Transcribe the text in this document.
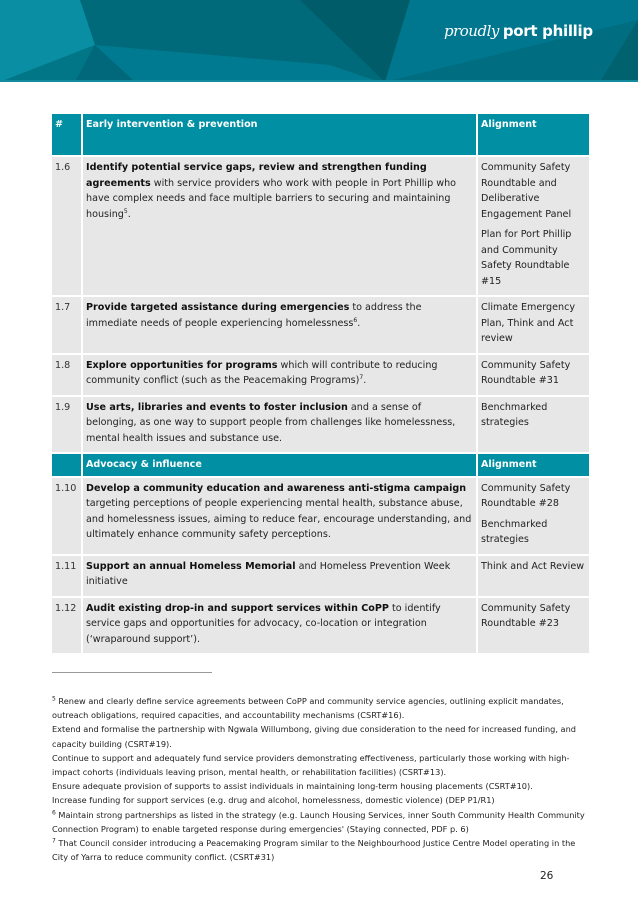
proudly port phillip
#	Early intervention & prevention	Alignment
1.6	Identify potential service gaps, review and strengthen funding agreements with service providers who work with people in Port Phillip who have complex needs and face multiple barriers to securing and maintaining housing$^5$.	Community Safety Roundtable and Deliberative Engagement Panel
Plan for Port Phillip and Community Safety Roundtable #15

1.7	Provide targeted assistance during emergencies to address the immediate needs of people experiencing homelessness$^6$.	Climate Emergency Plan, Think and Act review

1.8	Explore opportunities for programs which will contribute to reducing community conflict (such as the Peacemaking Programs)$^7$.	Community Safety Roundtable #31

1.9	Use arts, libraries and events to foster inclusion and a sense of belonging, as one way to support people from challenges like homelessness, mental health issues and substance use.	Benchmarked strategies
	Advocacy & influence	Alignment
1.10	Develop a community education and awareness anti-stigma campaign targeting perceptions of people experiencing mental health, substance abuse, and homelessness issues, aiming to reduce fear, encourage understanding, and ultimately enhance community safety perceptions.	Community Safety Roundtable #28
Benchmarked strategies

1.11	Support an annual Homeless Memorial and Homeless Prevention Week initiative	Think and Act Review

1.12	Audit existing drop-in and support services within CoPP to identify service gaps and opportunities for advocacy, co-location or integration (‘wraparound support’).	Community Safety Roundtable #23

$^5$ Renew and clearly define service agreements between CoPP and community service agencies, outlining explicit mandates, outreach obligations, required capacities, and accountability mechanisms (CSRT#16).

Extend and formalise the partnership with Ngwala Willumbong, giving due consideration to the need for increased funding, and capacity building (CSRT#19).

Continue to support and adequately fund service providers demonstrating effectiveness, particularly those working with high-impact cohorts (individuals leaving prison, mental health, or rehabilitation facilities) (CSRT#13).

Ensure adequate provision of supports to assist individuals in maintaining long-term housing placements (CSRT#10).

Increase funding for support services (e.g. drug and alcohol, homelessness, domestic violence) (DEP P1/R1)

$^6$ Maintain strong partnerships as listed in the strategy (e.g. Launch Housing Services, inner South Community Health Community Connection Program) to enable targeted response during emergencies' (Staying connected, PDF p. 6)

$^7$ That Council consider introducing a Peacemaking Program similar to the Neighbourhood Justice Centre Model operating in the City of Yarra to reduce community conflict. (CSRT#31)

26
